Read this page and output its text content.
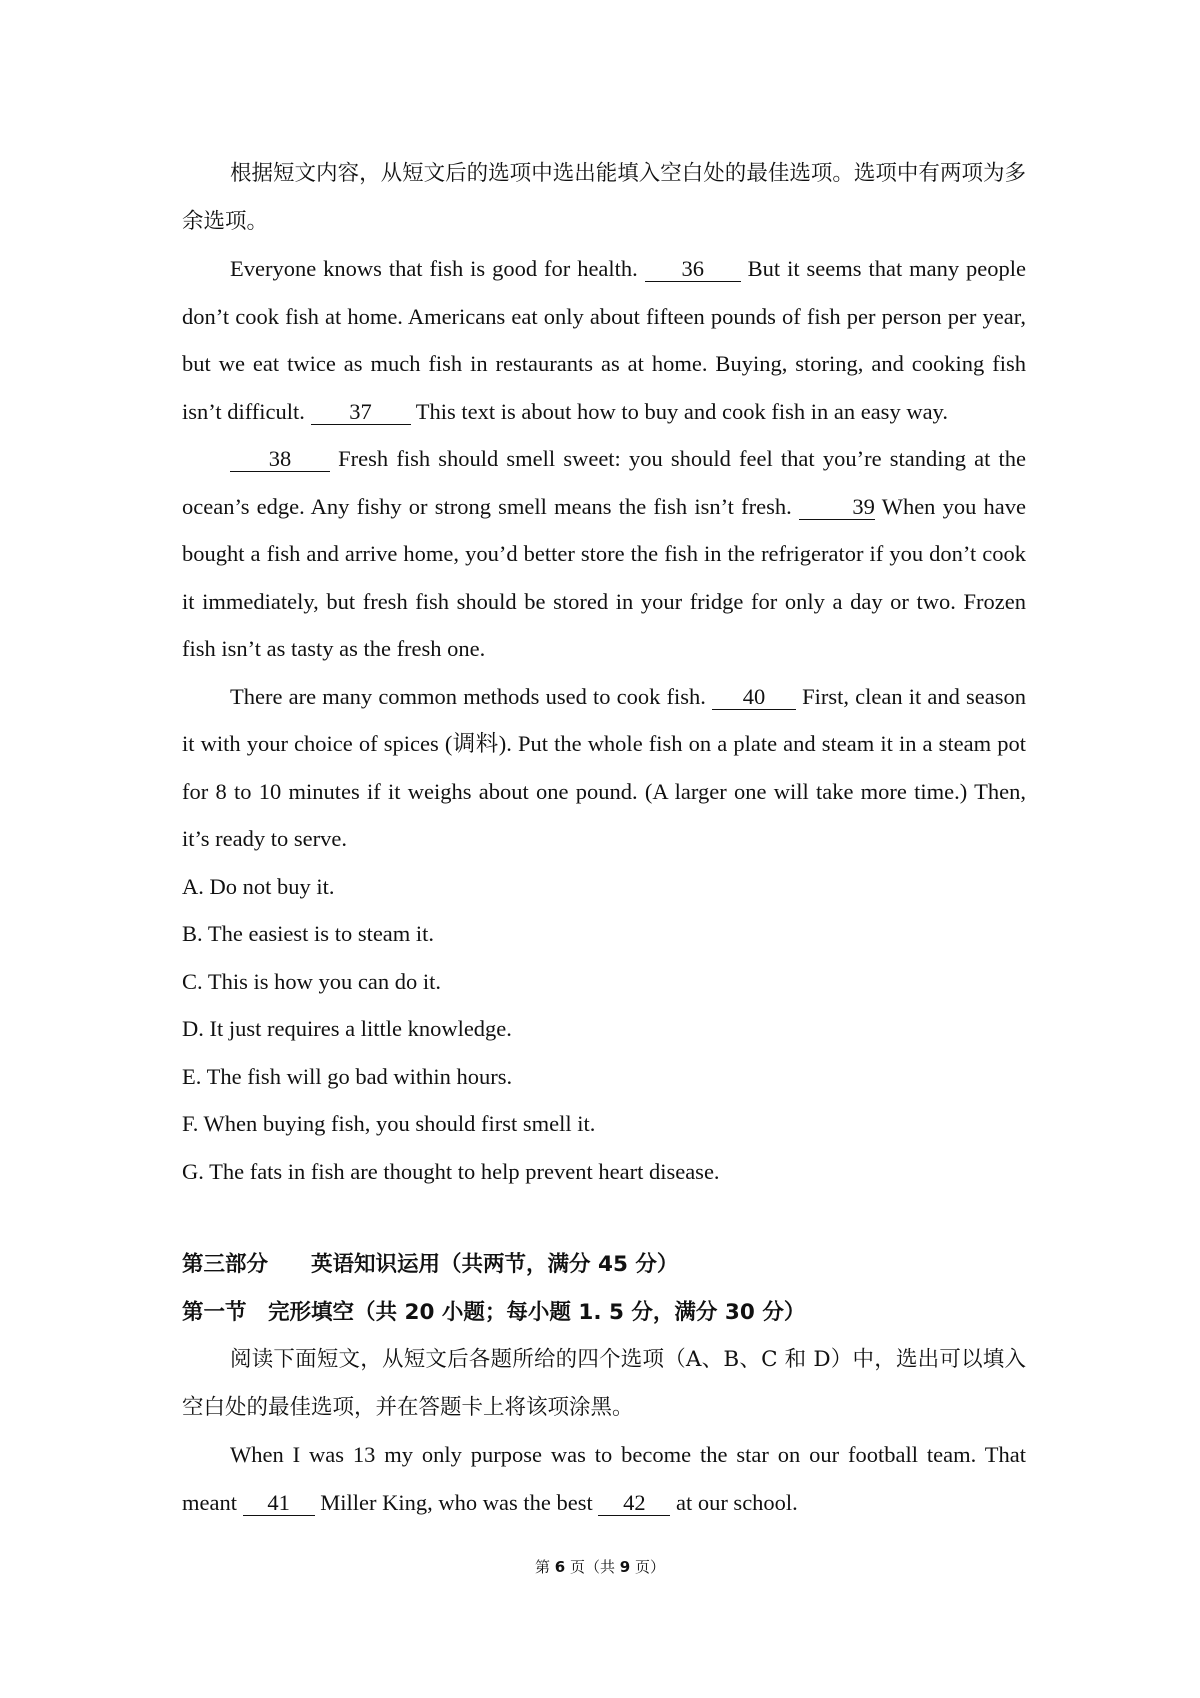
根据短文内容，从短文后的选项中选出能填入空白处的最佳选项。选项中有两项为多余选项。

Everyone knows that fish is good for health. 36 But it seems that many people don’t cook fish at home. Americans eat only about fifteen pounds of fish per person per year, but we eat twice as much fish in restaurants as at home. Buying, storing, and cooking fish isn’t difficult. 37 This text is about how to buy and cook fish in an easy way.

38 Fresh fish should smell sweet: you should feel that you’re standing at the ocean’s edge. Any fishy or strong smell means the fish isn’t fresh.	39 When you have bought a fish and arrive home, you’d better store the fish in the refrigerator if you don’t cook it immediately, but fresh fish should be stored in your fridge for only a day or two. Frozen fish isn’t as tasty as the fresh one.

There are many common methods used to cook fish. 40 First, clean it and season it with your choice of spices (调料). Put the whole fish on a plate and steam it in a steam pot for 8 to 10 minutes if it weighs about one pound. (A larger one will take more time.) Then, it’s ready to serve.

A. Do not buy it.

B. The easiest is to steam it.

C. This is how you can do it.

D. It just requires a little knowledge.

E. The fish will go bad within hours.

F. When buying fish, you should first smell it.

G. The fats in fish are thought to help prevent heart disease.

第三部分　　英语知识运用（共两节，满分 45 分）

第一节　完形填空（共 20 小题；每小题 1. 5 分，满分 30 分）

阅读下面短文，从短文后各题所给的四个选项（A、B、C 和 D）中，选出可以填入空白处的最佳选项，并在答题卡上将该项涂黑。

When I was 13 my only purpose was to become the star on our football team. That meant 41 Miller King, who was the best 42 at our school.

第 6 页（共 9 页）
